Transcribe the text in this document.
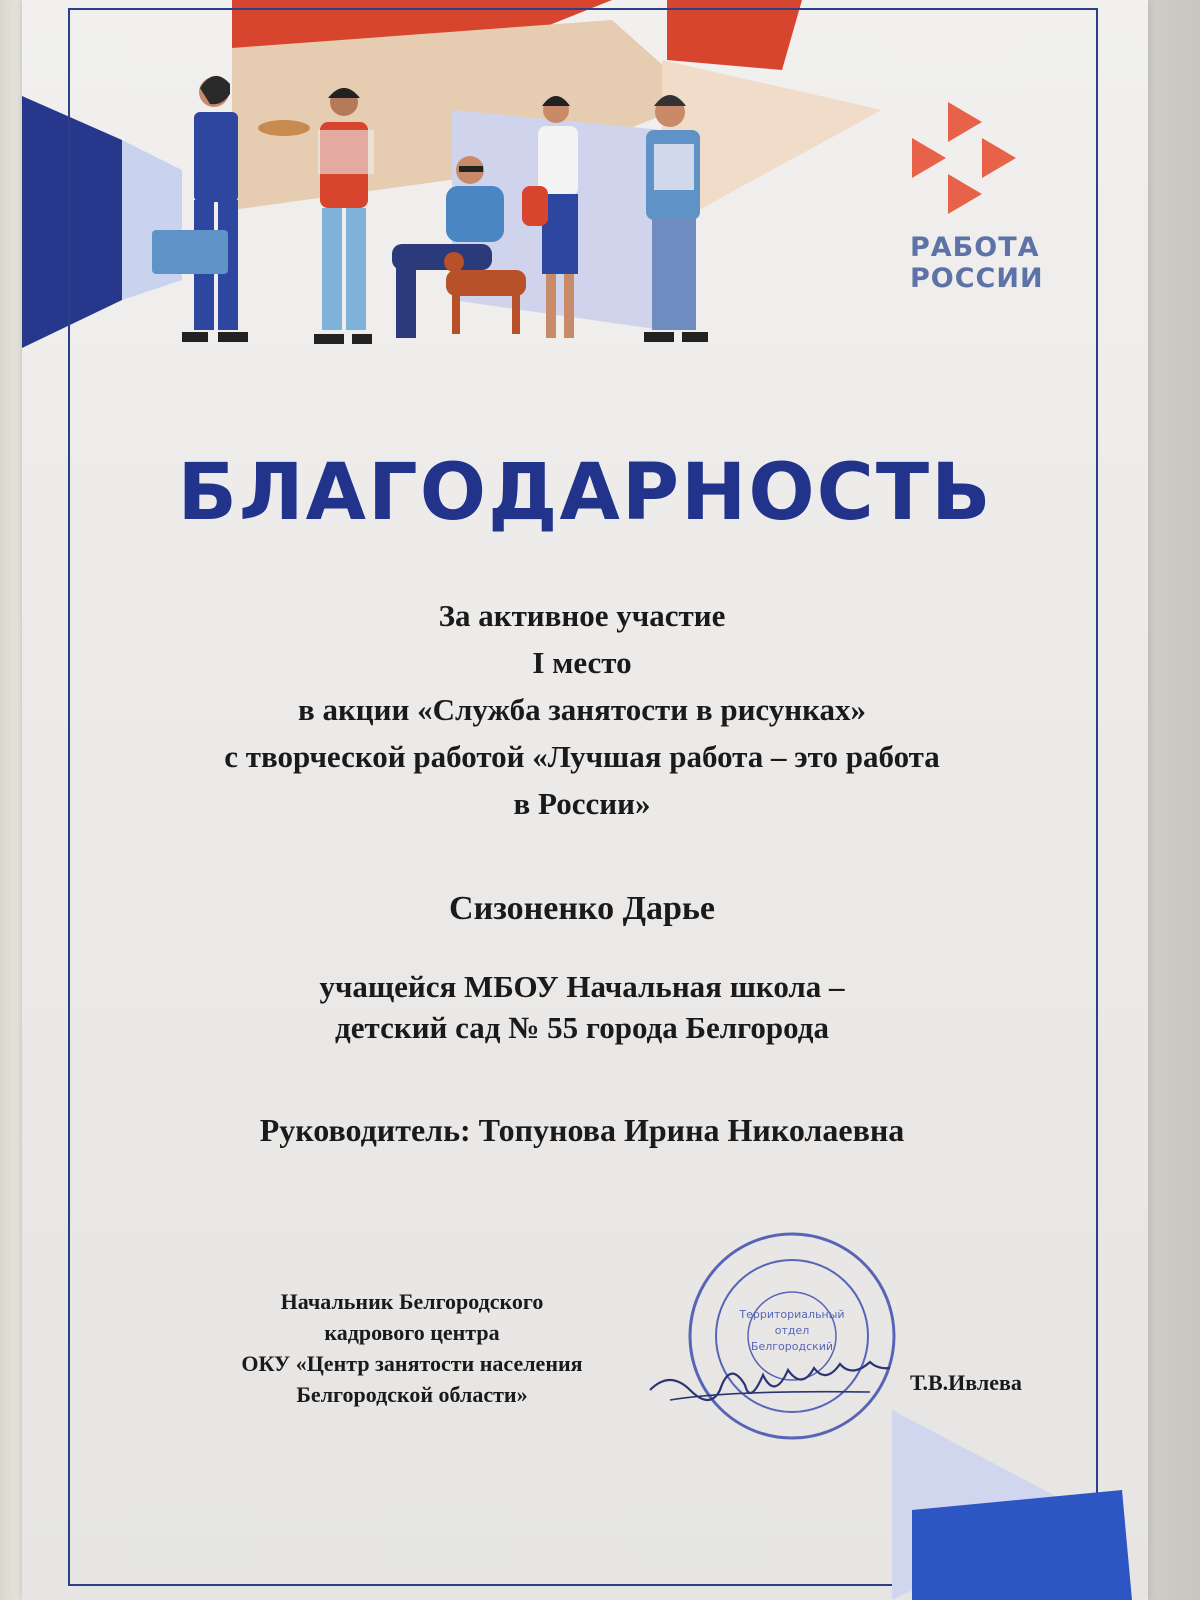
РАБОТА
РОССИИ
БЛАГОДАРНОСТЬ
За активное участие
I место
в акции «Служба занятости в рисунках»
с творческой работой «Лучшая работа – это работа
в России»
Сизоненко Дарье
учащейся МБОУ Начальная школа –
детский сад № 55 города Белгорода
Руководитель: Топунова Ирина Николаевна
Начальник Белгородского
кадрового центра
ОКУ «Центр занятости населения
Белгородской области»
Территориальный
отдел
Белгородский
Т.В.Ивлева
